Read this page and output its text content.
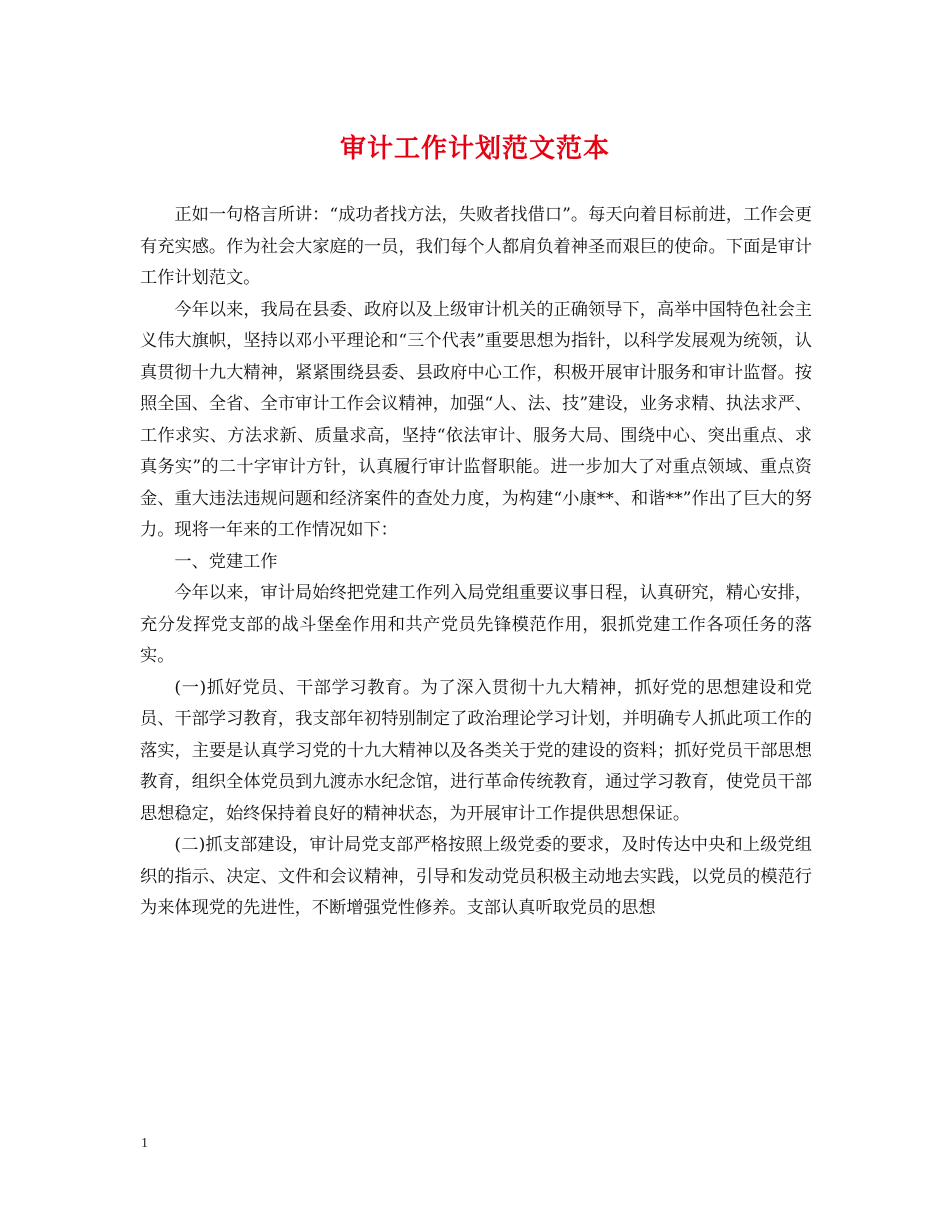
审计工作计划范文范本

正如一句格言所讲：“成功者找方法，失败者找借口”。每天向着目标前进，工作会更有充实感。作为社会大家庭的一员，我们每个人都肩负着神圣而艰巨的使命。下面是审计工作计划范文。

今年以来，我局在县委、政府以及上级审计机关的正确领导下，高举中国特色社会主义伟大旗帜，坚持以邓小平理论和“三个代表”重要思想为指针，以科学发展观为统领，认真贯彻十九大精神，紧紧围绕县委、县政府中心工作，积极开展审计服务和审计监督。按照全国、全省、全市审计工作会议精神，加强“人、法、技”建设，业务求精、执法求严、工作求实、方法求新、质量求高，坚持“依法审计、服务大局、围绕中心、突出重点、求真务实”的二十字审计方针，认真履行审计监督职能。进一步加大了对重点领域、重点资金、重大违法违规问题和经济案件的查处力度，为构建“小康**、和谐**”作出了巨大的努力。现将一年来的工作情况如下：

一、党建工作

今年以来，审计局始终把党建工作列入局党组重要议事日程，认真研究，精心安排，充分发挥党支部的战斗堡垒作用和共产党员先锋模范作用，狠抓党建工作各项任务的落实。

(一)抓好党员、干部学习教育。为了深入贯彻十九大精神，抓好党的思想建设和党员、干部学习教育，我支部年初特别制定了政治理论学习计划，并明确专人抓此项工作的落实，主要是认真学习党的十九大精神以及各类关于党的建设的资料；抓好党员干部思想教育，组织全体党员到九渡赤水纪念馆，进行革命传统教育，通过学习教育，使党员干部思想稳定，始终保持着良好的精神状态，为开展审计工作提供思想保证。

(二)抓支部建设，审计局党支部严格按照上级党委的要求，及时传达中央和上级党组织的指示、决定、文件和会议精神，引导和发动党员积极主动地去实践，以党员的模范行为来体现党的先进性，不断增强党性修养。支部认真听取党员的思想

1
